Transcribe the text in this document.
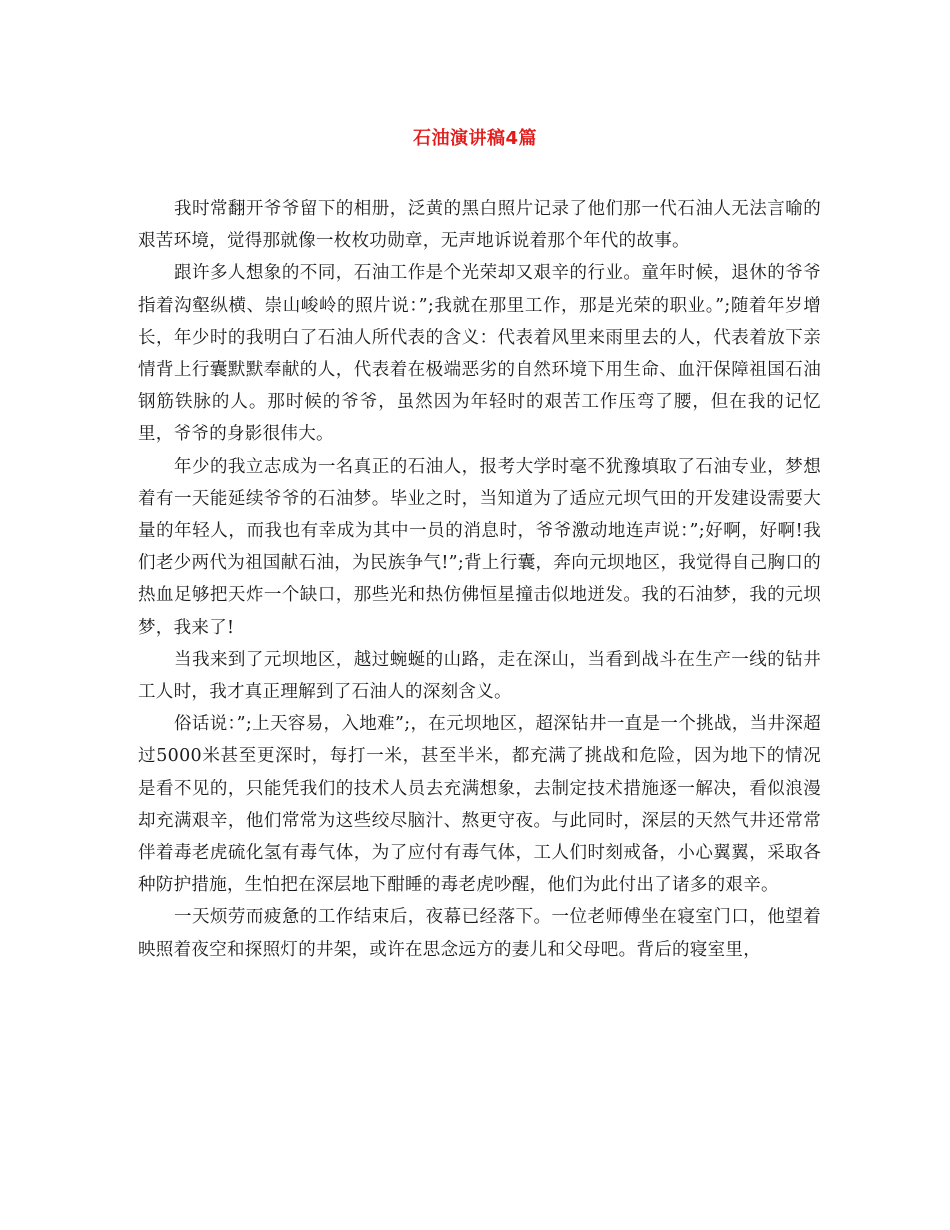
石油演讲稿4篇

我时常翻开爷爷留下的相册，泛黄的黑白照片记录了他们那一代石油人无法言喻的艰苦环境，觉得那就像一枚枚功勋章，无声地诉说着那个年代的故事。

跟许多人想象的不同，石油工作是个光荣却又艰辛的行业。童年时候，退休的爷爷指着沟壑纵横、崇山峻岭的照片说：”;我就在那里工作，那是光荣的职业。”;随着年岁增长，年少时的我明白了石油人所代表的含义：代表着风里来雨里去的人，代表着放下亲情背上行囊默默奉献的人，代表着在极端恶劣的自然环境下用生命、血汗保障祖国石油钢筋铁脉的人。那时候的爷爷，虽然因为年轻时的艰苦工作压弯了腰，但在我的记忆里，爷爷的身影很伟大。

年少的我立志成为一名真正的石油人，报考大学时毫不犹豫填取了石油专业，梦想着有一天能延续爷爷的石油梦。毕业之时，当知道为了适应元坝气田的开发建设需要大量的年轻人，而我也有幸成为其中一员的消息时，爷爷激动地连声说：”;好啊，好啊!我们老少两代为祖国献石油，为民族争气!”;背上行囊，奔向元坝地区，我觉得自己胸口的热血足够把天炸一个缺口，那些光和热仿佛恒星撞击似地迸发。我的石油梦，我的元坝梦，我来了!

当我来到了元坝地区，越过蜿蜒的山路，走在深山，当看到战斗在生产一线的钻井工人时，我才真正理解到了石油人的深刻含义。

俗话说：”;上天容易，入地难”;，在元坝地区，超深钻井一直是一个挑战，当井深超过5000米甚至更深时，每打一米，甚至半米，都充满了挑战和危险，因为地下的情况是看不见的，只能凭我们的技术人员去充满想象，去制定技术措施逐一解决，看似浪漫却充满艰辛，他们常常为这些绞尽脑汁、熬更守夜。与此同时，深层的天然气井还常常伴着毒老虎硫化氢有毒气体，为了应付有毒气体，工人们时刻戒备，小心翼翼，采取各种防护措施，生怕把在深层地下酣睡的毒老虎吵醒，他们为此付出了诸多的艰辛。

一天烦劳而疲惫的工作结束后，夜幕已经落下。一位老师傅坐在寝室门口，他望着映照着夜空和探照灯的井架，或许在思念远方的妻儿和父母吧。背后的寝室里，
